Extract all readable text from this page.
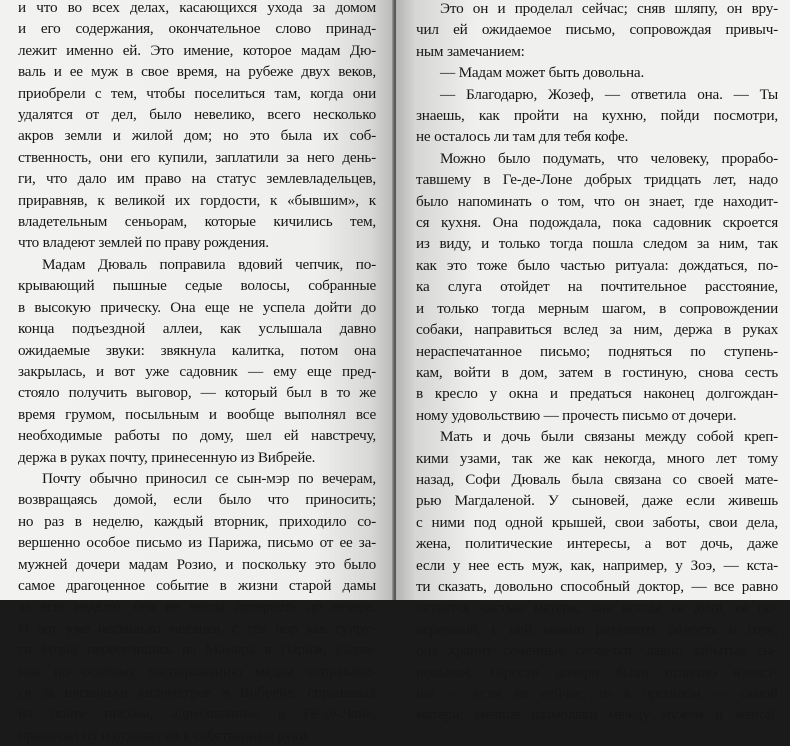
и что во всех делах, касающихся ухода за домом
и его содержания, окончательное слово принад-
лежит именно ей. Это имение, которое мадам Дю-
валь и ее муж в свое время, на рубеже двух веков,
приобрели с тем, чтобы поселиться там, когда они
удалятся от дел, было невелико, всего несколько
акров земли и жилой дом; но это была их соб-
ственность, они его купили, заплатили за него день-
ги, что дало им право на статус землевладельцев,
приравняв, к великой их гордости, к «бывшим», к
владетельным сеньорам, которые кичились тем,
что владеют землей по праву рождения.
Мадам Дюваль поправила вдовий чепчик, по-
крывающий пышные седые волосы, собранные
в высокую прическу. Она еще не успела дойти до
конца подъездной аллеи, как услышала давно
ожидаемые звуки: звякнула калитка, потом она
закрылась, и вот уже садовник — ему еще пред-
стояло получить выговор, — который был в то же
время грумом, посыльным и вообще выполнял все
необходимые работы по дому, шел ей навстречу,
держа в руках почту, принесенную из Вибрейе.
Почту обычно приносил се сын-мэр по вечерам,
возвращаясь домой, если было что приносить;
но раз в неделю, каждый вторник, приходило со-
вершенно особое письмо из Парижа, письмо от ее за-
мужней дочери мадам Розио, и поскольку это было
самое драгоценное событие в жизни старой дамы
за всю неделю, она не могла дотерпеть до вечера.
И вот уже несколько месяцев, с тех пор как супру-
ги Розио переселились из Мамера в Париж, садов-
ник по особому распоряжению мадам отправлял-
ся за несколько километров в Вибрейе, спрашивал
на почте письма, адресованные в Ге-де-Лоне,
приносил их и отдавал ей в собственные руки.
Это он и проделал сейчас; сняв шляпу, он вру-
чил ей ожидаемое письмо, сопровождая привыч-
ным замечанием:
— Мадам может быть довольна.
— Благодарю, Жозеф, — ответила она. — Ты
знаешь, как пройти на кухню, пойди посмотри,
не осталось ли там для тебя кофе.
Можно было подумать, что человеку, прорабо-
тавшему в Ге-де-Лоне добрых тридцать лет, надо
было напоминать о том, что он знает, где находит-
ся кухня. Она подождала, пока садовник скроется
из виду, и только тогда пошла следом за ним, так
как это тоже было частью ритуала: дождаться, по-
ка слуга отойдет на почтительное расстояние,
и только тогда мерным шагом, в сопровождении
собаки, направиться вслед за ним, держа в руках
нераспечатанное письмо; подняться по ступень-
кам, войти в дом, затем в гостиную, снова сесть
в кресло у окна и предаться наконец долгождан-
ному удовольствию — прочесть письмо от дочери.
Мать и дочь были связаны между собой креп-
кими узами, так же как некогда, много лет тому
назад, Софи Дюваль была связана со своей мате-
рью Магдаленой. У сыновей, даже если живешь
с ними под одной крышей, свои заботы, свои дела,
жена, политические интересы, а вот дочь, даже
если у нее есть муж, как, например, у Зоэ, — кста-
ти сказать, довольно способный доктор, — все равно
остается частью матери, она всегда ее дитя, ее по-
веренный, с ней можно разделить радость и горе,
она хранит семейные словечки, давно забытые сы-
новьями. Горести дочери были отлично извест-
ны — если не сейчас, то в прошлом — самой
матери: мелкие размолвки между мужем и женой,
